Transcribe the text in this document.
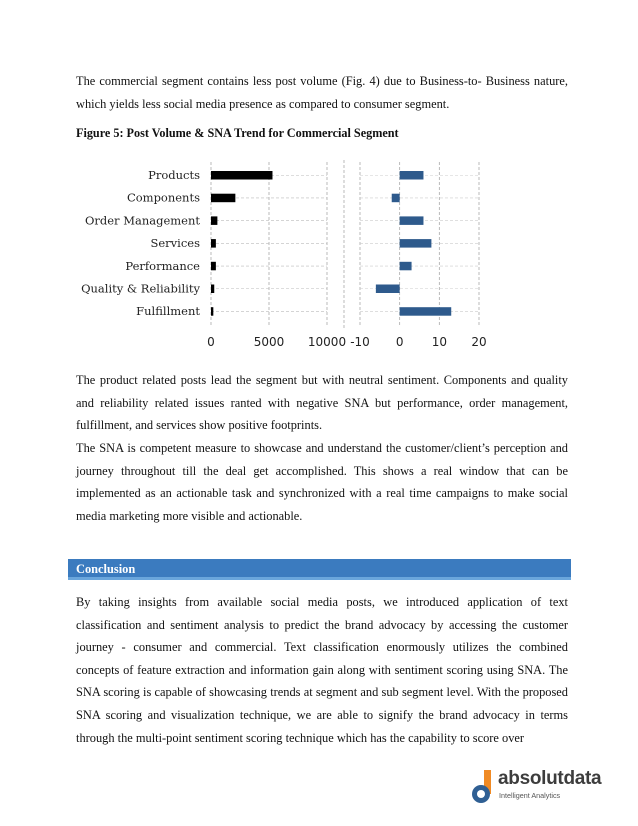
The commercial segment contains less post volume (Fig. 4) due to Business-to- Business nature, which yields less social media presence as compared to consumer segment.

Figure 5: Post Volume & SNA Trend for Commercial Segment

Products
Components
Order Management
Services
Performance
Quality & Reliability
Fulfillment
0	5000 10000 -10 0 10 20

The product related posts lead the segment but with neutral sentiment. Components and quality and reliability related issues ranted with negative SNA but performance, order management, fulfillment, and services show positive footprints.

The SNA is competent measure to showcase and understand the customer/client’s perception and journey throughout till the deal get accomplished. This shows a real window that can be implemented as an actionable task and synchronized with a real time campaigns to make social media marketing more visible and actionable.

Conclusion

By taking insights from available social media posts, we introduced application of text classification and sentiment analysis to predict the brand advocacy by accessing the customer journey - consumer and commercial. Text classification enormously utilizes the combined concepts of feature extraction and information gain along with sentiment scoring using SNA. The SNA scoring is capable of showcasing trends at segment and sub segment level. With the proposed SNA scoring and visualization technique, we are able to signify the brand advocacy in terms through the multi-point sentiment scoring technique which has the capability to score over

absolutdata
Intelligent Analytics
